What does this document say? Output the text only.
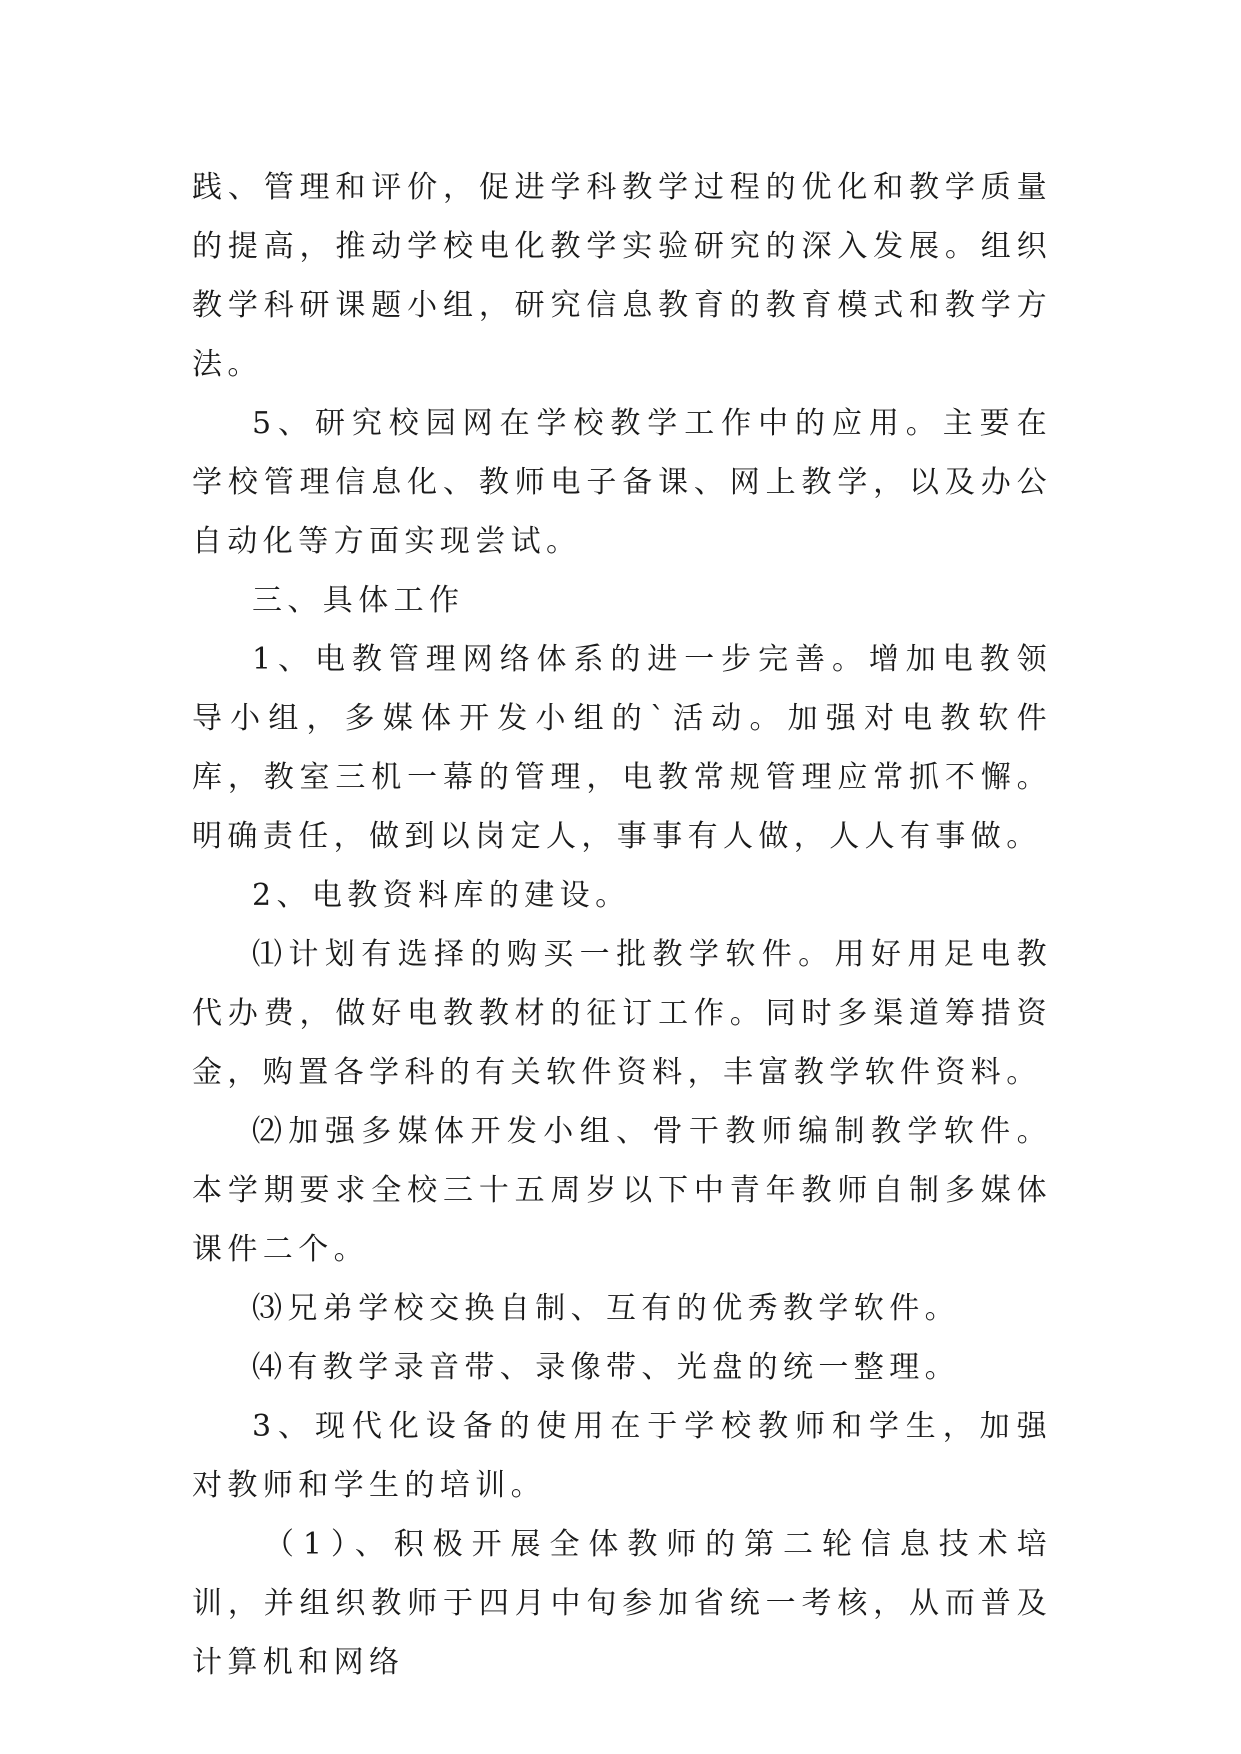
践、管理和评价，促进学科教学过程的优化和教学质量的提高，推动学校电化教学实验研究的深入发展。组织教学科研课题小组，研究信息教育的教育模式和教学方法。

5、研究校园网在学校教学工作中的应用。主要在学校管理信息化、教师电子备课、网上教学，以及办公自动化等方面实现尝试。

三、具体工作

1、电教管理网络体系的进一步完善。增加电教领导小组，多媒体开发小组的`活动。加强对电教软件库，教室三机一幕的管理，电教常规管理应常抓不懈。明确责任，做到以岗定人，事事有人做，人人有事做。

2、电教资料库的建设。

⑴计划有选择的购买一批教学软件。用好用足电教代办费，做好电教教材的征订工作。同时多渠道筹措资金，购置各学科的有关软件资料，丰富教学软件资料。

⑵加强多媒体开发小组、骨干教师编制教学软件。本学期要求全校三十五周岁以下中青年教师自制多媒体课件二个。

⑶兄弟学校交换自制、互有的优秀教学软件。

⑷有教学录音带、录像带、光盘的统一整理。

3、现代化设备的使用在于学校教师和学生，加强对教师和学生的培训。

（1）、积极开展全体教师的第二轮信息技术培训，并组织教师于四月中旬参加省统一考核，从而普及计算机和网络
